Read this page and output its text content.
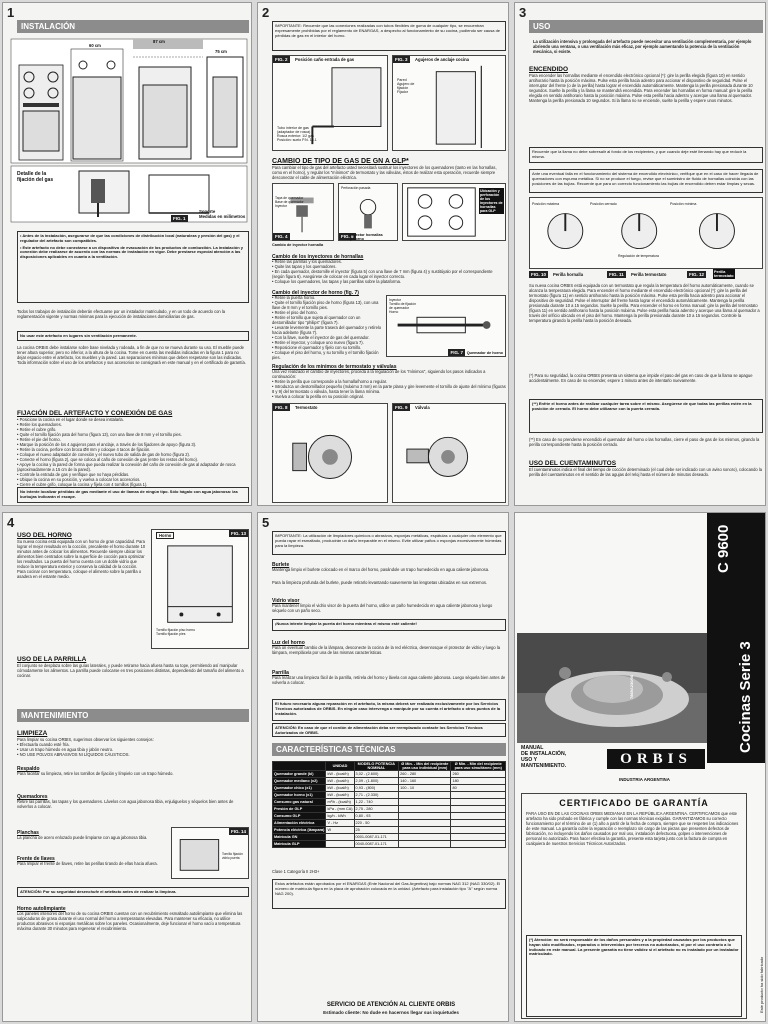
1
INSTALACIÓN
60 cm
87 cm
75 cm
Detalle de la
fijación del gas
FIG. 1
Soporte
Medidas en milímetros

• Antes de la instalación, asegurarse de que las condiciones de distribución local (naturaleza y presión del gas) y el regulador del artefacto son compatibles.

• Este artefacto no debe conectarse a un dispositivo de evacuación de los productos de combustión. La instalación y conexión debe realizarse de acuerdo con las normas de instalación en vigor. Debe prestarse especial atención a las disposiciones aplicables en cuanto a la ventilación.

Todos los trabajos de instalación deberán efectuarse por un instalador matriculado, y en un todo de acuerdo con la reglamentación vigente y normas mínimas para la ejecución de instalaciones domiciliarias de gas.

No usar este artefacto en lugares sin ventilación permanente.

La cocina ORBIS debe instalarse sobre base nivelada y rodeada, a fin de que no se mueva durante su uso. El mueble puede tener altura superior, pero no inferior, a la altura de la cocina. Tome en cuenta las medidas indicadas en la figura 1 para no dejar espacio entre el artefacto, los muebles y la pared. Las separaciones mínimas que deben respetarse son las indicadas. Toda información sobre el uso de los artefactos y sus accesorios se consignará en este manual y en el certificado de garantía.

FIJACIÓN DEL ARTEFACTO Y CONEXIÓN DE GAS

• Posicione la cocina en el lugar donde se desea instalarla.
• Retire los quemadores.
• Retire el cubre grifo.
• Quite el tornillo fijación pata del horno (figura 13), con una llave de 8 mm y el tornillo pies.
• Retire el pie del horno.
• Marque la posición de los 4 agujeros para el anclaje, a través de los fijadores de apoyo (figura 3).
• Retire la cocina, perfore con broca Ø8 mm y coloque 4 tacos de fijación.
• Coloque el nuevo adaptador de conexión y el nuevo tubo de salida de gas de horno (figura 2).
• Conecte el horno (figura 2), que se coloca al caño de conexión de gas (entre los restos del horno).
• Apoye la cocina y la pared de forma que pueda realizar la conexión del caño de conexión de gas al adaptador de rosca (aproximadamente a 15 cm de la pared).
• Controle la entrada de gas y verifique que no haya pérdidas.
• Ubique la cocina en su posición, y vuelva a colocar los accesorios.
• Cierre el cubre grifo, coloque la cocina y fíjela con 4 tornillos (figura 1).

No intente localizar pérdidas de gas mediante el uso de llamas de ningún tipo. Sólo hágalo con agua jabonosa: las burbujas indicarán el escape.
2
IMPORTANTE: Recuerde que las conexiones realizadas con tubos flexibles de goma de cualquier tipo, se encuentran expresamente prohibidas por el reglamento de ENARGAS, a despecho al funcionamiento de su cocina, pudiendo ser causa de pérdidas de gas en el interior del horno.
FIG. 2	Posición caño entrada de gas
Tubo interior de gas
(adaptador de rosca)
Rosca exterior: 1/2 gas
Posición: suelo P.N. 14.1
FIG. 3	Agujeros de anclaje cocina
Pared
Agujero de
fijación
Fijador
CAMBIO DE TIPO DE GAS DE GN A GLP*

Para cambiar el tipo de gas del artefacto usted necesitará sustituir los inyectores de los quemadores (tanto en las hornallas, como en el horno), y regular los "mínimos" de termostato y las válvulas, éstos de realizar esta operación, recuerde siempre desconectar el cable de alimentación eléctrica.

Tapa de quemador
Base de quemador
Inyector
FIG. 4
Cambio de inyector hornalla
Perforación pasada
FIG. 5
Inyector hornallas
y horno
Ubicación y
perforación
de los
inyectores de
hornallas
para GLP
Cambio de los inyectores de hornallas

• Retire las parrillas y los quemadores.
• Quite las tapas y los quemadores.
• En cada quemador, destornille el inyector (figura 5) con una llave de 7 mm (figura 4) y sustitúyalo por el correspondiente (según figura 6). Asegúrese de colocar en cada lugar el inyector correcto.
• Coloque los quemadores, las tapas y las parrillas sobre la plataforma.

Cambio del inyector de horno (fig. 7)

• Retire la puerta horno.
• Quite el tornillo fijación piso de horno (figura 13), con una llave de 8 mm y el tornillo pies.
• Retire el piso del horno.
• Retire el tornillo que sujeta al quemador con un destornillador tipo "philips" (figura 7).
• Levante levemente la parte trasera del quemador y retírelo hacia adelante (figura 7).
• Con la llave, suelte el inyector de gas del quemador.
• Retire el inyector, y coloque uno nuevo (figura 7).
• Reposicione el quemador y fijelo con su tornillo.
• Coloque el piso del horno, y su tornillo y el tornillo fijación pies.

Inyector
Tornillo de fijación
de quemador
Horno
FIG. 7 Quemador de horno
Regulación de los mínimos de termostato y válvulas

Una vez realizado el cambio de inyectores, proceda a la regulación de los "mínimos", siguiendo los pasos indicados a continuación:
• Retire la perilla que corresponde a la hornalla/horno a regular.
• Introduzca un destornillador pequeño (máximo 3 mm) en la parte plana y gire levemente el tornillo de ajuste del mínimo (figuras 8 y 9) del termostato o válvula, hasta tener la llama mínima.
• Vuelva a colocar la perilla en su posición original.

FIG. 8	Termostato	FIG. 9	Válvula
3
USO

La utilización intensiva y prolongada del artefacto puede necesitar una ventilación complementaria, por ejemplo abriendo una ventana, o una ventilación más eficaz, por ejemplo aumentando la potencia de la ventilación mecánica, si existe.

ENCENDIDO

Para encender las hornallas mediante el encendido electrónico opcional (*): gire la perilla elegida (figura 10) en sentido antihorario hasta la posición máxima. Pulse esta perilla hacia adentro para accionar el dispositivo de seguridad. Pulse el interruptor del frente (o de la perilla) hasta lograr el encendido automáticamente. Mantenga la perilla presionada durante 10 segundos. Suelte la perilla y la llama se mantendrá encendida. Para encender las hornallas en forma manual: gire la perilla elegida en sentido antihorario hasta la posición máxima. Pulse esta perilla hacia adentro y acerque una llama al quemador. Mantenga la perilla presionada 10 segundos. Si la llama no se enciende, suelte la perilla y espere unos minutos.

Recuerde que la llama no debe sobresalir al fondo de los recipientes, y que cuando deje esté llenando hay que reducir la misma.
Ante una eventual falla en el funcionamiento del sistema de encendido electrónico, verifique que en el caso de hacer llegada de quemadores con espuma metálica. Si no se produce el fuego, revise que el suministro de fluido de hornallas coincida con las posiciones de las bujías. Recuerde que para un correcto funcionamiento las bujías de encendido deben estar limpias y secas.
Posición cerrado
Posición máxima	Posición mínima
Regulación de temperatura
FIG. 10	Perilla hornalla	FIG. 11	Perilla termostato	FIG. 12	Perilla
termostato

Su nueva cocina ORBIS está equipada con un termostato que regula la temperatura del horno automáticamente, cuando se alcanza la temperatura elegida. Para encender el horno mediante el encendido electrónico opcional (*): gire la perilla del termostato (figura 11) en sentido antihorario hasta la posición máxima. Pulse esta perilla hacia adentro para accionar el dispositivo de seguridad. Pulse el interruptor del frente hasta lograr el encendido automáticamente. Mantenga la perilla presionada durante 10 a 15 segundos. Suelte la perilla. Para encender el horno en forma manual: gire la perilla del termostato (figura 11) en sentido antihorario hasta la posición máxima. Pulse esta perilla hacia adentro y acerque una llama al quemador a través del orificio ubicado en el piso del horno. Mantenga la perilla presionada durante 10 a 15 segundos. Controle la temperatura girando la perilla hasta la posición deseada.

(*) Para su seguridad, la cocina ORBIS presenta un sistema que impide el paso del gas en caso de que la llama se apague accidentalmente. En caso de no encender, espere 1 minuto antes de intentarlo nuevamente.

(**) Enfríe el horno antes de realizar cualquier tarea sobre el mismo. Asegúrese de que todas las perillas estén en la posición de cerrado. El horno debe utilizarse con la puerta cerrada.

(**) En caso de no prenderse encendido el quemador del horno o las hornallas, cierre el paso de gas de los mismos, girando la perilla correspondiente hasta la posición cerrado.

USO DEL CUENTAMINUTOS

El cuentaminutos indica el final del tiempo de cocción determinado (el cual debe ser indicado con un aviso sonoro), colocando la perilla del cuentaminutos en el sentido de las agujas del reloj hasta el número de minutos deseado.

4
USO DEL HORNO

Su nueva cocina está equipada con un horno de gran capacidad. Para lograr el mejor resultado en la cocción, precaliente el horno durante 10 minutos antes de colocar los alimentos. Recuerde siempre ubicar los alimentos bien centrados sobre la superficie de cocción para optimizar los resultados. La puerta del horno cuenta con un doble vidrio que reduce la temperatura exterior y conserva la calidad de la cocción. Para cocinar con temperatura, coloque el alimento sobre la parrilla o asadera en el estante medio.

Horno	FIG. 13
Tornillo fijación piso horno
Tornillo fijación pies
USO DE LA PARRILLA

El conjunto se desplaza sobre las guías laterales, y puede retirarse hacia afuera hasta su tope, permitiendo así manipular cómodamente los alimentos. La parrilla puede colocarse en tres posiciones distintas, dependiendo del tamaño del alimento a cocinar.

MANTENIMIENTO
LIMPIEZA

Para limpiar su cocina ORBIS, sugerimos observar los siguientes consejos:
• Efectuarla cuando esté fría.
• Usar un trapo húmedo en agua tibia y jabón neutro.
• NO USE POLVOS ABRASIVOS NI LÍQUIDOS CÁUSTICOS.

Respaldo

Para facilitar su limpieza, retire los tornillos de fijación y límpielo con un trapo húmedo.

Quemadores

Retire las parrillas, las tapas y los quemadores. Lávelos con agua jabonosa tibia, enjuáguelos y séquelos bien antes de volverlos a colocar.

Planchas

La plancha de acero enlozado puede limpiarse con agua jabonosa tibia.

Frente de llaves

Para limpiar el frente de llaves, retire las perillas tirando de ellas hacia afuera.

FIG. 14
Tornillo fijación
vidrio puerta
ATENCIÓN: Por su seguridad desenchufe el artefacto antes de realizar la limpieza.
Horno autolimpiante

Los paneles interiores del horno de su cocina ORBIS cuentan con un recubrimiento esmaltado autolimpiante que elimina las salpicaduras de grasa durante el uso normal del horno a temperaturas elevadas. Para mantener su eficacia, no utilice productos abrasivos ni esponjas metálicas sobre los paneles. Ocasionalmente, deje funcionar el horno vacío a temperatura máxima durante 30 minutos para regenerar el recubrimiento.

5
IMPORTANTE: La utilización de limpiadores químicos o abrasivos, esponjas metálicas, espátulas o cualquier otro elemento que pueda rayar el esmaltado, producirán un daño irreparable en el mismo. Evite utilizar paños o esponjas excesivamente húmedas para la limpieza.
Burlete

Mantenga limpio el burlete colocado en el marco del horno, pasándole un trapo humedecido en agua caliente jabonosa.

Para la limpieza profunda del burlete, puede retirarlo levantando suavemente las lengüetas ubicadas en sus extremos.

Vidrio visor

Para mantener limpio el vidrio visor de la puerta del horno, utilice un paño humedecido en agua caliente jabonosa y luego séquelo con un paño seco.

¡Nunca intente limpiar la puerta del horno mientras el mismo esté caliente!
Luz del horno

Para un eventual cambio de la lámpara, desconecte la cocina de la red eléctrica, desenrosque el protector de vidrio y luego la lámpara, reemplácela por una de las mismas características.

Parrilla

Para realizar una limpieza fácil de la parrilla, retírela del horno y lávela con agua caliente jabonosa. Luego séquela bien antes de volverla a colocar.

El futuro necesario alguna reparación en el artefacto, la misma deberá ser realizada exclusivamente por los Servicios Técnicos autorizados de ORBIS. En ningún caso intervenga o manipule por su cuenta el artefacto o otros puntos de la instalación.
ATENCIÓN: En caso de que el cordón de alimentación deba ser reemplazado contacte los Servicios Técnicos Autorizados de ORBIS.
CARACTERÍSTICAS TÉCNICAS
	UNIDAD	MODELO POTENCIA NOMINAL	Ø Mín. - Mín del recipiente para uso individual (mm)	Ø Mín. - Mín del recipiente para uso simultáneo (mm)
Quemador grande (kl)	kW - (kcal/h)	3,02 - (2.600)	260 - 280	260
Quemador mediano (x2)	kW - (kcal/h)	2,09 - (1.800)	140 - 160	180
Quemador chico (x1)	kW - (kcal/h)	0,93 - (800)	100 - 10	80
Quemador horno (x1)	kW - (kcal/h)	2,71 - (2.330)		
Consumo gas natural	m³/h - (kcal/h)	1,22 - 740		
Presión de GLP	kPa - (mm CA)	2,75 - 280		
Consumo GLP	kg/h - kWh	0,80 - 93		
Alimentación eléctrica	V - Hz	220 - 50		
Potencia eléctrica (lámpara)	W	25		
Matrícula GN		0001-0087-01-171		
Matrícula GLP		0040-0087-01-171		
Clase 1 Categoría II 2H3+
Estos artefactos están aprobados por el ENARGAS (Ente Nacional del Gas Argentina) bajo normas NAG 312 (NAG 330/02). El número de matrícula figura en la placa de aprobación colocada en la unidad. (Artefacto para instalación tipo "A" según norma NAG 200).
SERVICIO DE ATENCIÓN AL CLIENTE ORBIS
Estimado cliente: No dude en hacernos llegar sus inquietudes
C 9600
Cocinas Serie 3
7869A230/06
MANUAL
DE INSTALACIÓN,
USO Y
MANTENIMIENTO.	ORBIS
INDUSTRIA ARGENTINA
CERTIFICADO DE GARANTÍA

PARA USO EN DE LAS COCINAS ORBIS MEDIANAS EN LA REPÚBLICA ARGENTINA. CERTIFICAMOS que este artefacto ha sido probado en fábrica y cumple con las normas técnicas exigidas. GARANTIZAMOS su correcto funcionamiento por el término de un (1) año a partir de la fecha de compra, siempre que se respeten las indicaciones de este manual. La garantía cubre la reparación o reemplazo sin cargo de las piezas que presenten defectos de fabricación, no incluyendo los daños causados por mal uso, instalación defectuosa, golpes o intervenciones de personal no autorizado. Para hacer efectiva la garantía, presente esta tarjeta junto con la factura de compra en cualquiera de nuestros Servicios Técnicos Autorizados.

(*) Atención: no será responsable de los daños personales y a la propiedad causados por los productos que hayan sido modificados, reparados o intervenidos por terceros no autorizados, ni por el uso contrario a lo indicado en este manual. La presente garantía no tiene validez si el artefacto no es instalado por un instalador matriculado.
Este producto ha sido fabricado
